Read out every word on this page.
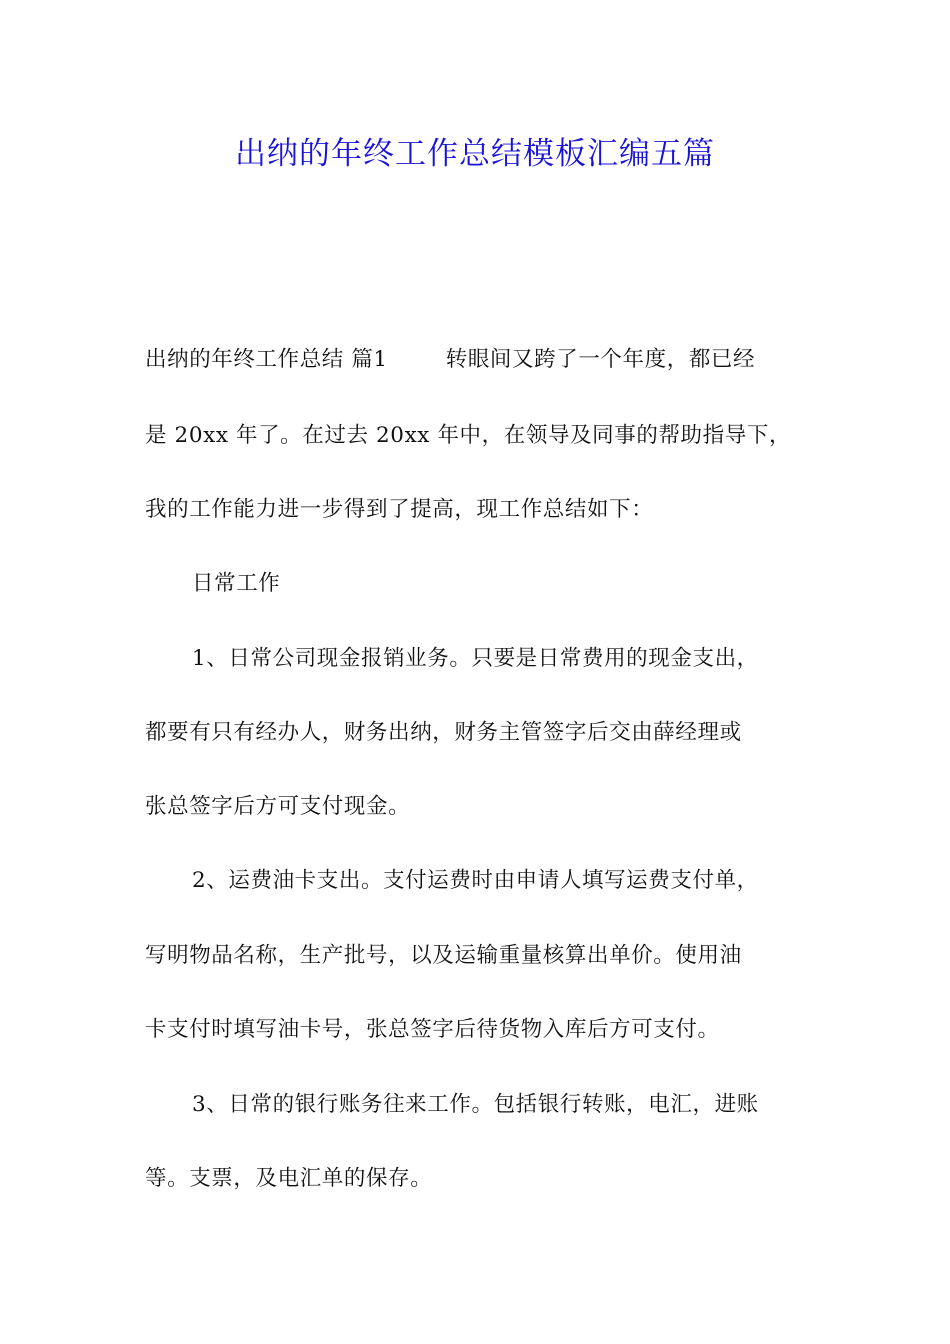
出纳的年终工作总结模板汇编五篇
出纳的年终工作总结 篇1	转眼间又跨了一个年度，都已经
是 20xx 年了。在过去 20xx 年中，在领导及同事的帮助指导下，
我的工作能力进一步得到了提高，现工作总结如下：
日常工作
1、日常公司现金报销业务。只要是日常费用的现金支出，
都要有只有经办人，财务出纳，财务主管签字后交由薛经理或
张总签字后方可支付现金。
2、运费油卡支出。支付运费时由申请人填写运费支付单，
写明物品名称，生产批号，以及运输重量核算出单价。使用油
卡支付时填写油卡号，张总签字后待货物入库后方可支付。
3、日常的银行账务往来工作。包括银行转账，电汇，进账
等。支票，及电汇单的保存。
